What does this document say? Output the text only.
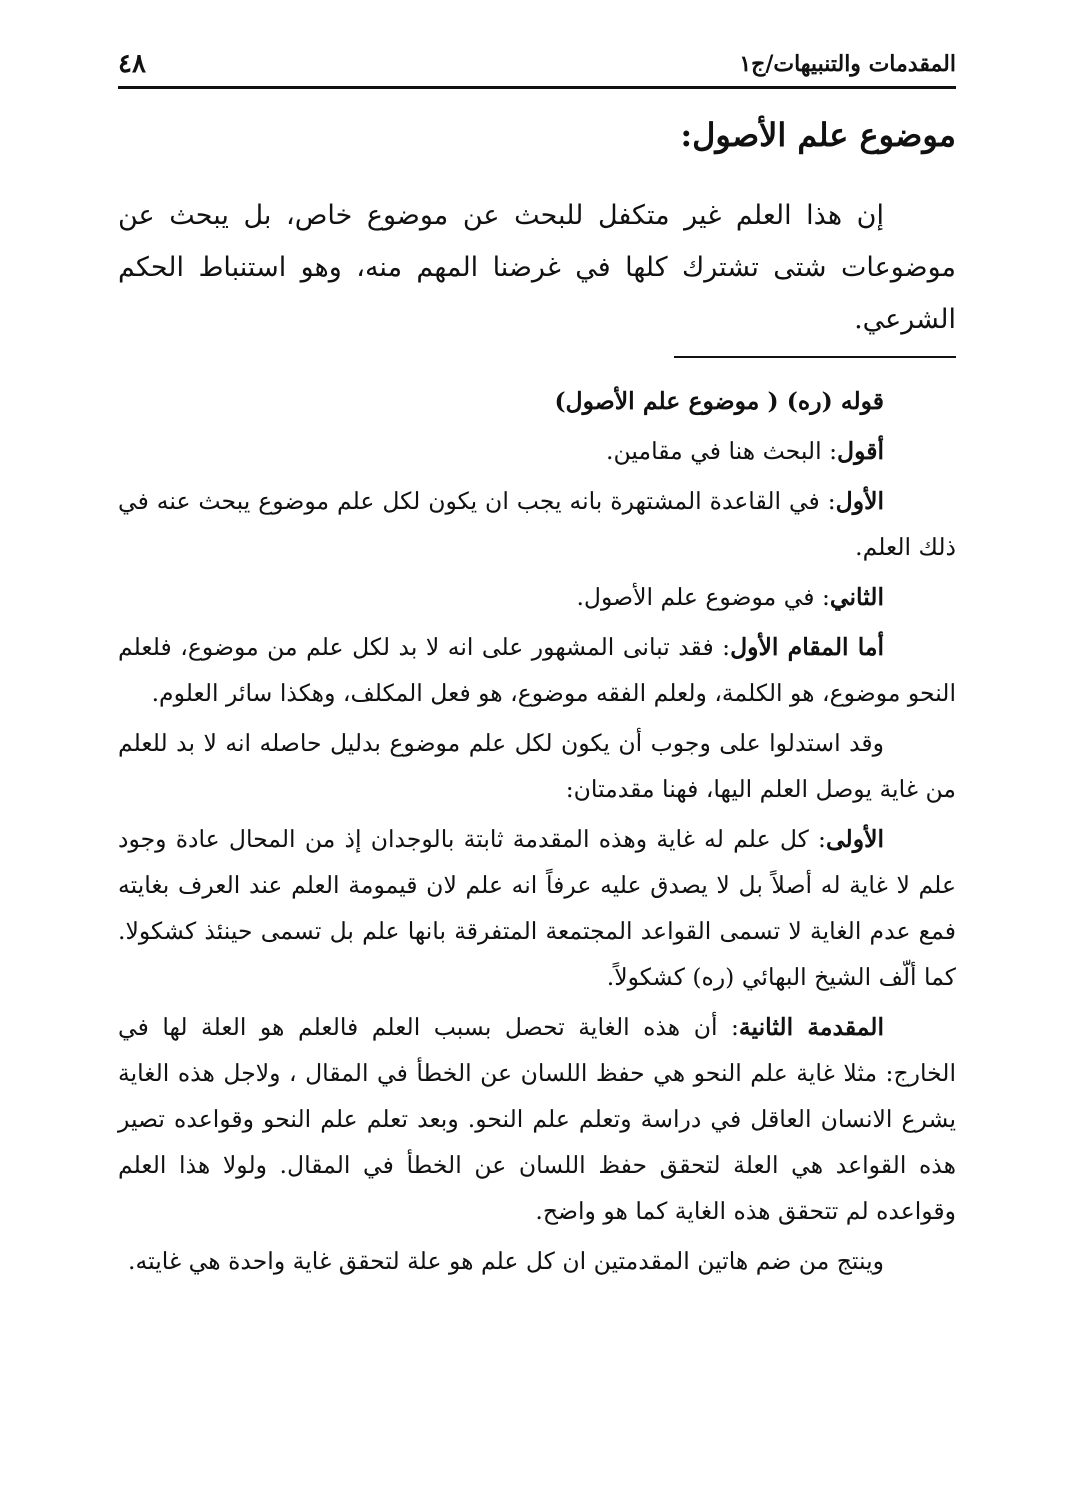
المقدمات والتنبيهات/ج١
٤٨
موضوع علم الأصول:

إن هذا العلم غير متكفل للبحث عن موضوع خاص، بل يبحث عن موضوعات شتى تشترك كلها في غرضنا المهم منه، وهو استنباط الحكم الشرعي.

قوله (ره) ( موضوع علم الأصول)

أقول: البحث هنا في مقامين.

الأول: في القاعدة المشتهرة بانه يجب ان يكون لكل علم موضوع يبحث عنه في ذلك العلم.

الثاني: في موضوع علم الأصول.

أما المقام الأول: فقد تبانى المشهور على انه لا بد لكل علم من موضوع، فلعلم النحو موضوع، هو الكلمة، ولعلم الفقه موضوع، هو فعل المكلف، وهكذا سائر العلوم.

وقد استدلوا على وجوب أن يكون لكل علم موضوع بدليل حاصله انه لا بد للعلم من غاية يوصل العلم اليها، فهنا مقدمتان:

الأولى: كل علم له غاية وهذه المقدمة ثابتة بالوجدان إذ من المحال عادة وجود علم لا غاية له أصلاً بل لا يصدق عليه عرفاً انه علم لان قيمومة العلم عند العرف بغايته فمع عدم الغاية لا تسمى القواعد المجتمعة المتفرقة بانها علم بل تسمى حينئذ كشكولا. كما ألّف الشيخ البهائي (ره) كشكولاً.

المقدمة الثانية: أن هذه الغاية تحصل بسبب العلم فالعلم هو العلة لها في الخارج: مثلا غاية علم النحو هي حفظ اللسان عن الخطأ في المقال ، ولاجل هذه الغاية يشرع الانسان العاقل في دراسة وتعلم علم النحو. وبعد تعلم علم النحو وقواعده تصير هذه القواعد هي العلة لتحقق حفظ اللسان عن الخطأ في المقال. ولولا هذا العلم وقواعده لم تتحقق هذه الغاية كما هو واضح.

وينتج من ضم هاتين المقدمتين ان كل علم هو علة لتحقق غاية واحدة هي غايته.
